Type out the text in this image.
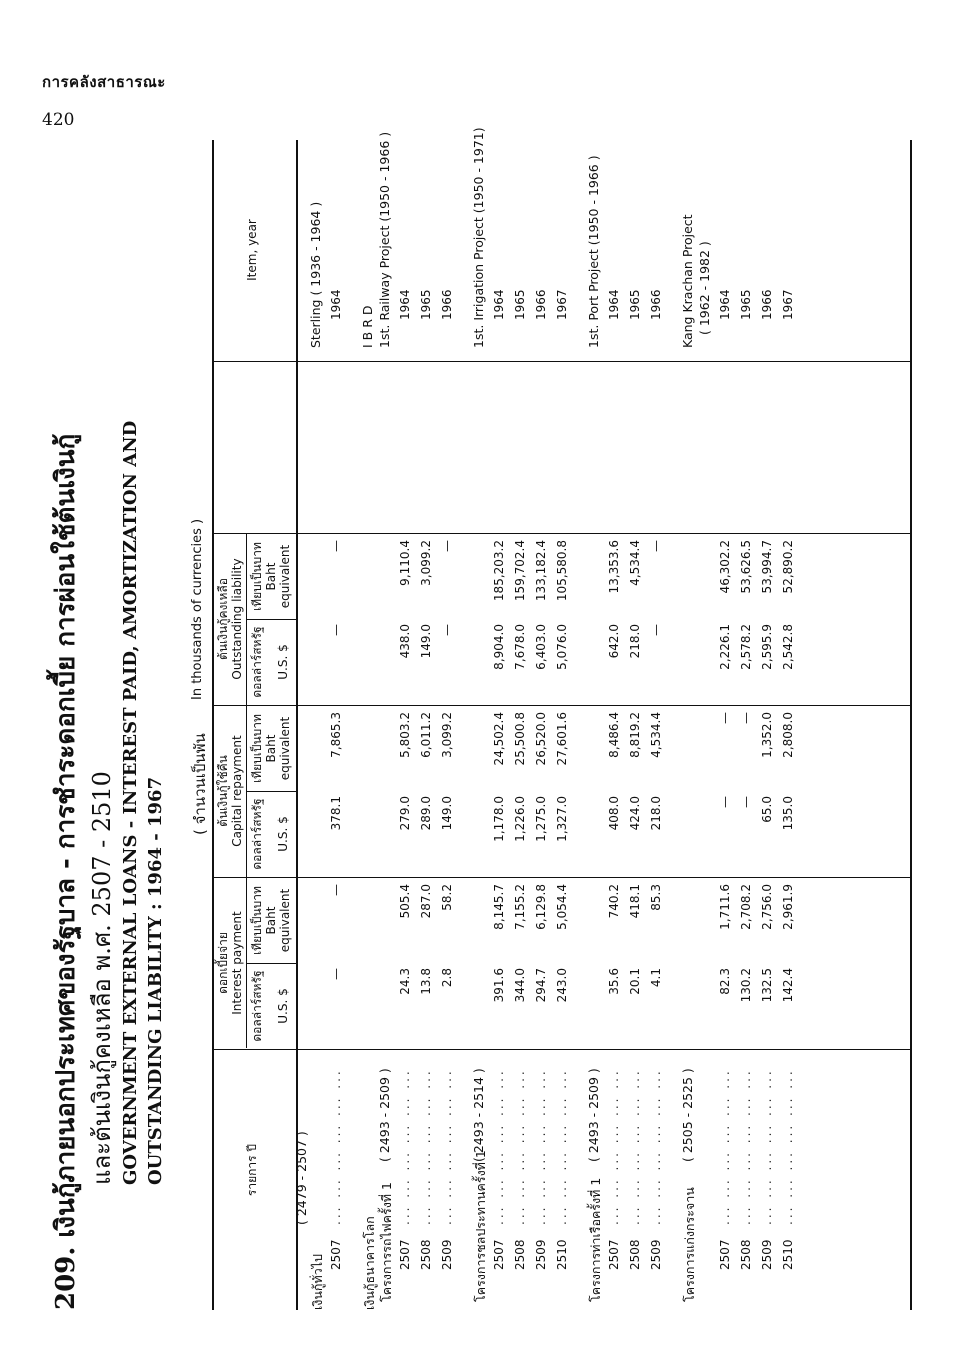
การคลังสาธารณะ
420
209. เงินกู้ภายนอกประเทศของรัฐบาล - การชำระดอกเบี้ย การผ่อนใช้ต้นเงินกู้ และต้นเงินกู้คงเหลือ พ.ศ. 2507 - 2510 GOVERNMENT EXTERNAL LOANS - INTEREST PAID, AMORTIZATION AND OUTSTANDING LIABILITY : 1964 - 1967 ( จำนวนเป็นพัน
In thousands of currencies )
รายการ ปี
Item, year
ดอกเบี้ยจ่าย Interest payment
ต้นเงินกู้ใช้คืน Capital repayment
ต้นเงินกู้คงเหลือ Outstanding liability
ดอลล่าร์สหรัฐ U.S. $
เทียบเป็นบาท Baht equivalent
ดอลล่าร์สหรัฐ U.S. $
เทียบเป็นบาท Baht equivalent
ดอลล่าร์สหรัฐ U.S. $
เทียบเป็นบาท Baht equivalent
เงินกู้ทั่วไป
( 2479 - 2507 )
Sterling ( 1936 - 1964 )
2507
... ... ... ... ... ...
—
—
378.1
7,865.3
—
—
1964
เงินกู้ธนาคารโลก
I B R D
โครงการรถไฟครั้งที่ 1
1st. Railway Project (1950 - 1966 )
( 2493 - 2509 )
2507
... ... ... ... ... ...
24.3
505.4
279.0
5,803.2
438.0
9,110.4
1964
2508
... ... ... ... ... ...
13.8
287.0
289.0
6,011.2
149.0
3,099.2
1965
2509
... ... ... ... ... ...
2.8
58.2
149.0
3,099.2
—
—
1966
โครงการชลประทานครั้งที่ 1
1st. Irrigation Project (1950 - 1971)
( 2493 - 2514 )
2507
... ... ... ... ... ...
391.6
8,145.7
1,178.0
24,502.4
8,904.0
185,203.2
1964
2508
... ... ... ... ... ...
344.0
7,155.2
1,226.0
25,500.8
7,678.0
159,702.4
1965
2509
... ... ... ... ... ...
294.7
6,129.8
1,275.0
26,520.0
6,403.0
133,182.4
1966
2510
... ... ... ... ... ...
243.0
5,054.4
1,327.0
27,601.6
5,076.0
105,580.8
1967
โครงการท่าเรือครั้งที่ 1
1st. Port Project (1950 - 1966 )
( 2493 - 2509 )
2507
... ... ... ... ... ...
35.6
740.2
408.0
8,486.4
642.0
13,353.6
1964
2508
... ... ... ... ... ...
20.1
418.1
424.0
8,819.2
218.0
4,534.4
1965
2509
... ... ... ... ... ...
4.1
85.3
218.0
4,534.4
—
—
1966
โครงการแก่งกระจาน
Kang Krachan Project
( 2505 - 2525 )
( 1962 - 1982 )
2507
... ... ... ... ... ...
82.3
1,711.6
—
—
2,226.1
46,302.2
1964
2508
... ... ... ... ... ...
130.2
2,708.2
—
—
2,578.2
53,626.5
1965
2509
... ... ... ... ... ...
132.5
2,756.0
65.0
1,352.0
2,595.9
53,994.7
1966
2510
... ... ... ... ... ...
142.4
2,961.9
135.0
2,808.0
2,542.8
52,890.2
1967
